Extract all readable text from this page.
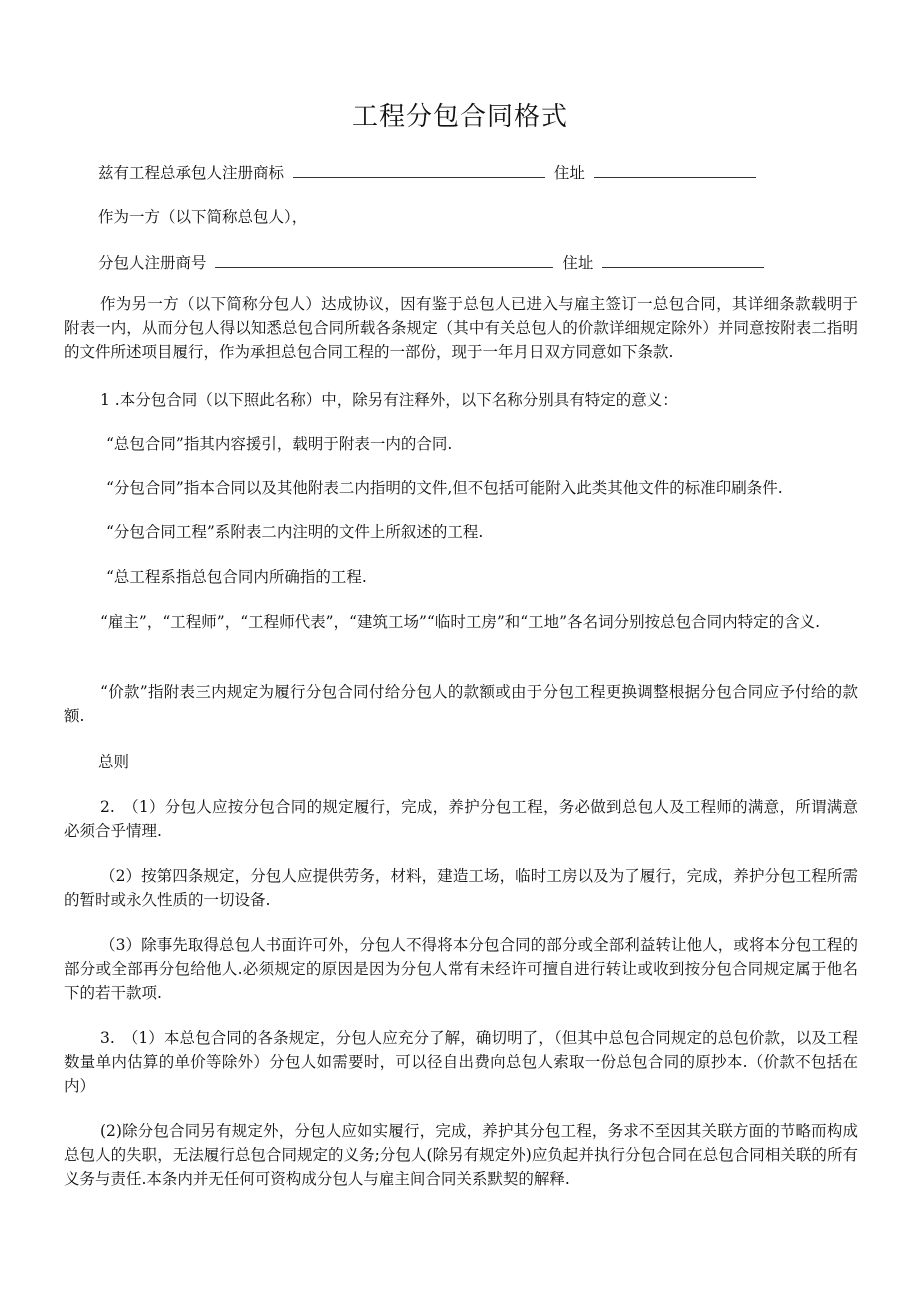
工程分包合同格式
兹有工程总承包人注册商标	住址
作为一方（以下简称总包人），
分包人注册商号	住址

作为另一方（以下简称分包人）达成协议，因有鉴于总包人已进入与雇主签订一总包合同，其详细条款载明于附表一内，从而分包人得以知悉总包合同所载各条规定（其中有关总包人的价款详细规定除外）并同意按附表二指明的文件所述项目履行，作为承担总包合同工程的一部份，现于一年月日双方同意如下条款.

1 .本分包合同（以下照此名称）中，除另有注释外，以下名称分别具有特定的意义：

“总包合同”指其内容援引，载明于附表一内的合同.

“分包合同”指本合同以及其他附表二内指明的文件,但不包括可能附入此类其他文件的标准印刷条件.

“分包合同工程”系附表二内注明的文件上所叙述的工程.

“总工程系指总包合同内所确指的工程.

“雇主”，“工程师”，“工程师代表”，“建筑工场”“临时工房”和“工地”各名词分别按总包合同内特定的含义.

“价款”指附表三内规定为履行分包合同付给分包人的款额或由于分包工程更换调整根据分包合同应予付给的款额.

总则

2.　（1）分包人应按分包合同的规定履行，完成，养护分包工程，务必做到总包人及工程师的满意，所谓满意必须合乎情理.

（2）按第四条规定，分包人应提供劳务，材料，建造工场，临时工房以及为了履行，完成，养护分包工程所需的暂时或永久性质的一切设备.

（3）除事先取得总包人书面许可外，分包人不得将本分包合同的部分或全部利益转让他人，或将本分包工程的部分或全部再分包给他人.必须规定的原因是因为分包人常有未经许可擅自进行转让或收到按分包合同规定属于他名下的若干款项.

3.　（1）本总包合同的各条规定，分包人应充分了解，确切明了，（但其中总包合同规定的总包价款，以及工程数量单内估算的单价等除外）分包人如需要时，可以径自出费向总包人索取一份总包合同的原抄本.（价款不包括在内）

(2)除分包合同另有规定外，分包人应如实履行，完成，养护其分包工程，务求不至因其关联方面的节略而构成总包人的失职，无法履行总包合同规定的义务;分包人(除另有规定外)应负起并执行分包合同在总包合同相关联的所有义务与责任.本条内并无任何可资构成分包人与雇主间合同关系默契的解释.
